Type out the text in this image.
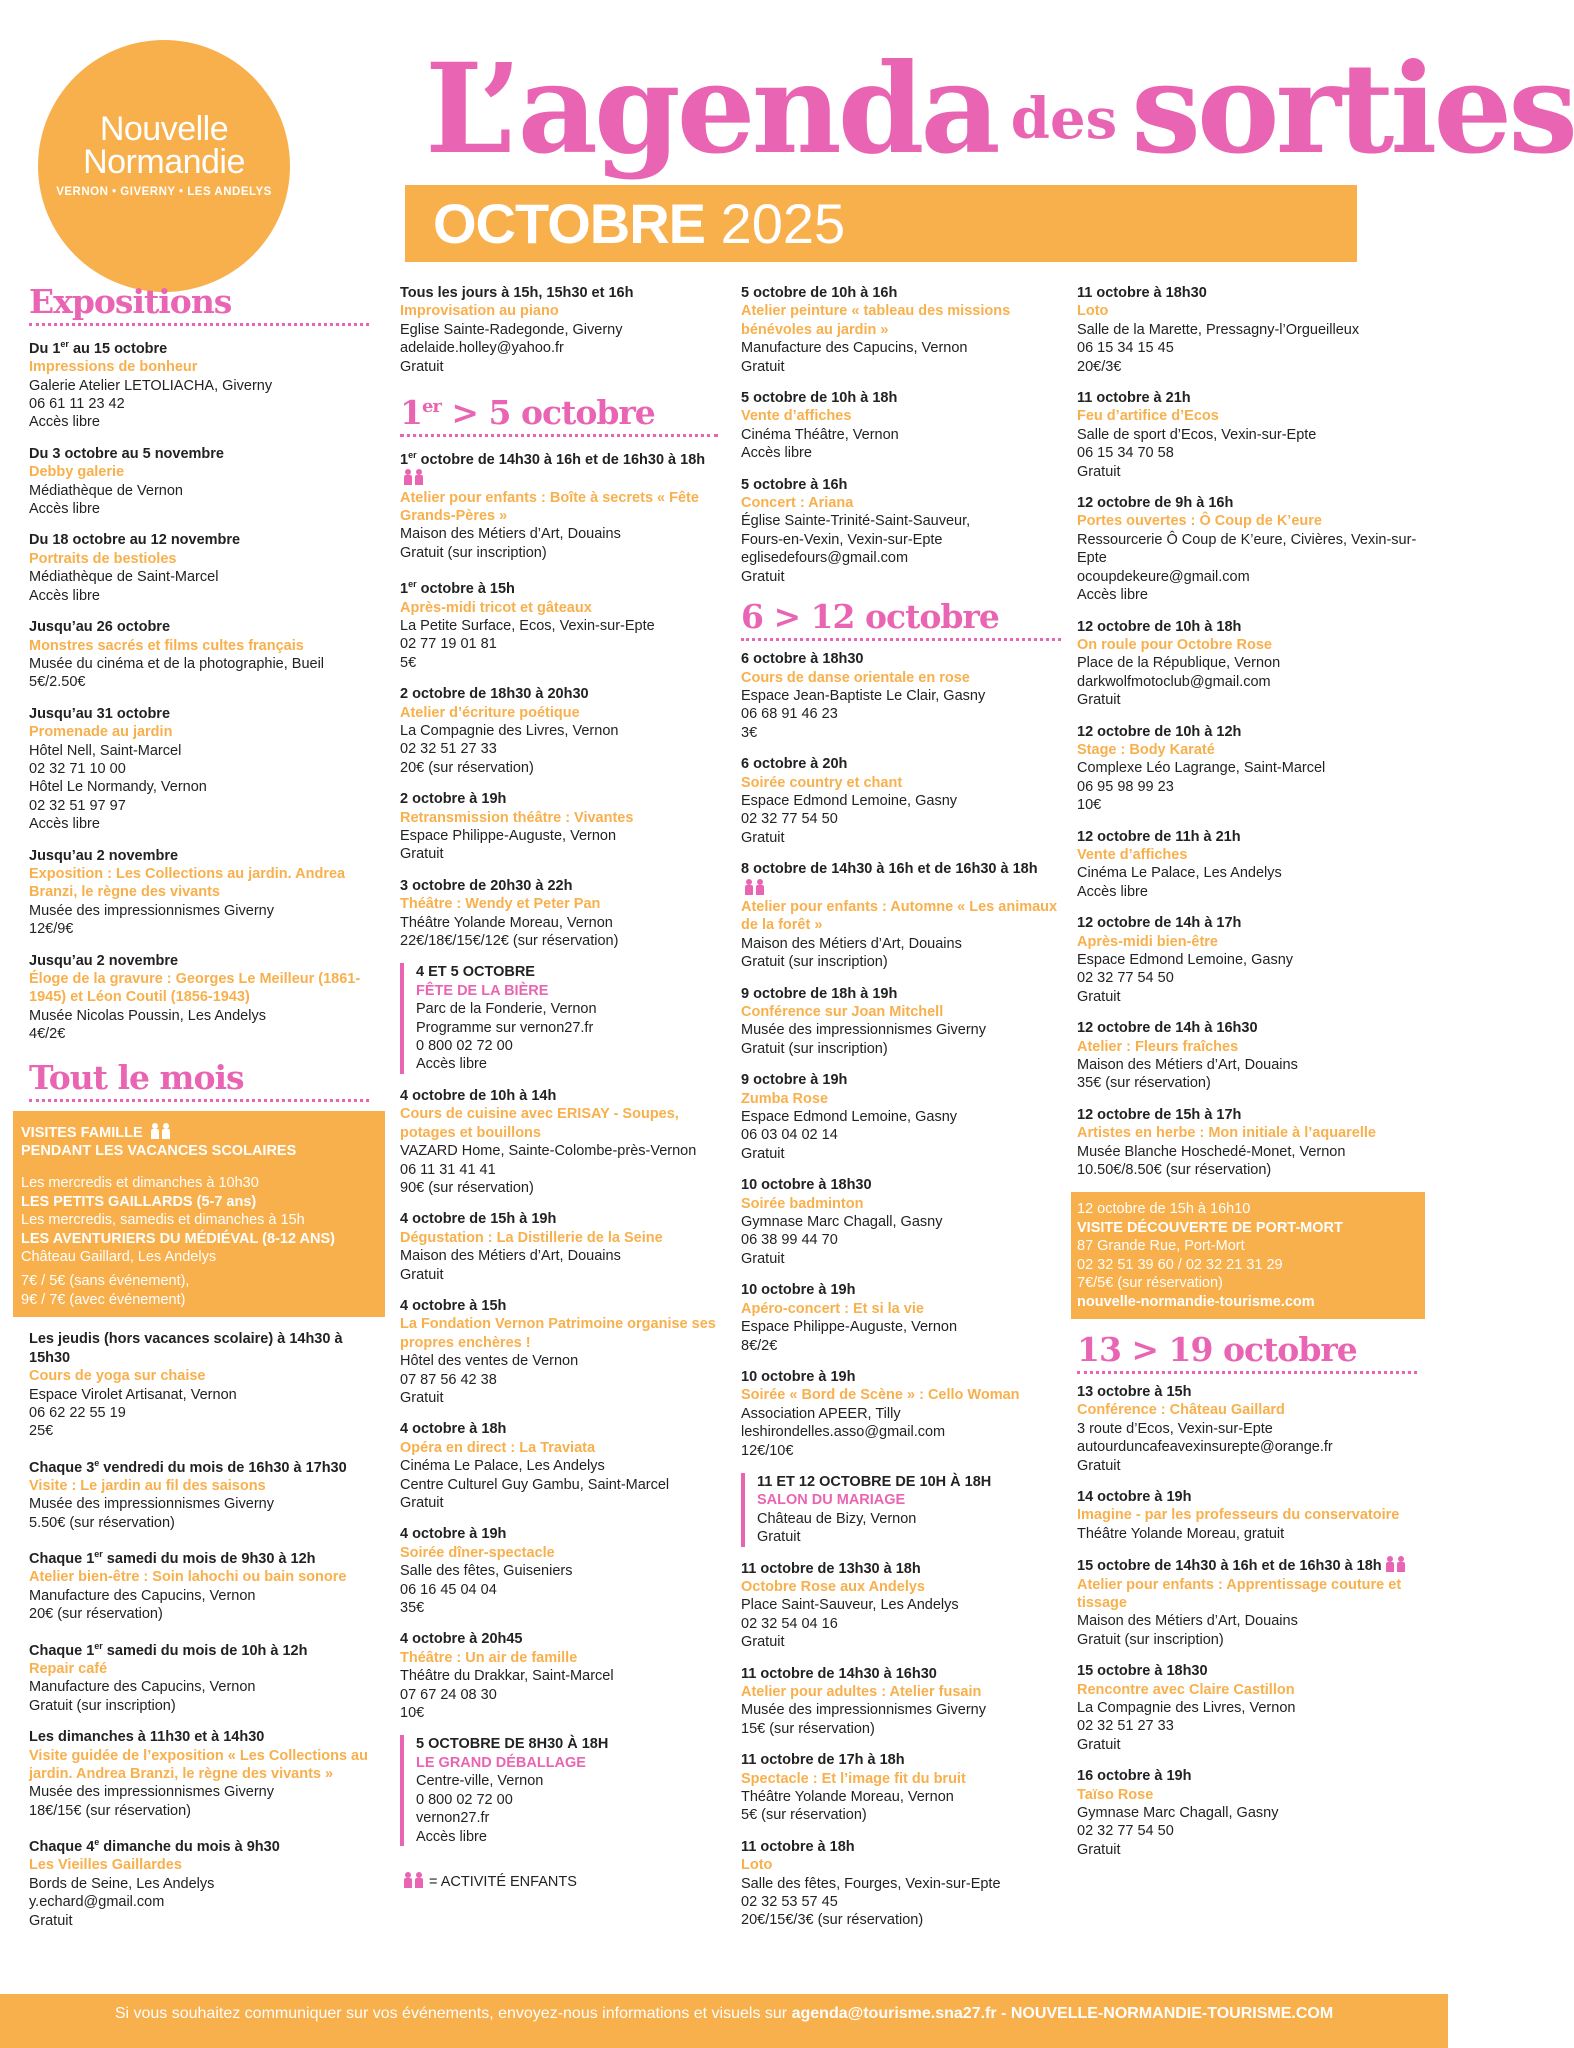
Nouvelle
Normandie
VERNON • GIVERNY • LES ANDELYS
L’agenda des sorties
OCTOBRE 2025
Expositions
Du 1er au 15 octobre
Impressions de bonheur
Galerie Atelier LETOLIACHA, Giverny
06 61 11 23 42
Accès libre
Du 3 octobre au 5 novembre
Debby galerie
Médiathèque de Vernon
Accès libre
Du 18 octobre au 12 novembre
Portraits de bestioles
Médiathèque de Saint-Marcel
Accès libre
Jusqu’au 26 octobre
Monstres sacrés et films cultes français
Musée du cinéma et de la photographie, Bueil
5€/2.50€
Jusqu’au 31 octobre
Promenade au jardin
Hôtel Nell, Saint-Marcel
02 32 71 10 00
Hôtel Le Normandy, Vernon
02 32 51 97 97
Accès libre
Jusqu’au 2 novembre
Exposition : Les Collections au jardin. Andrea Branzi, le règne des vivants
Musée des impressionnismes Giverny
12€/9€
Jusqu’au 2 novembre
Éloge de la gravure : Georges Le Meilleur (1861-1945) et Léon Coutil (1856-1943)
Musée Nicolas Poussin, Les Andelys
4€/2€
Tout le mois
VISITES FAMILLE
PENDANT LES VACANCES SCOLAIRES
Les mercredis et dimanches à 10h30
LES PETITS GAILLARDS (5-7 ans)
Les mercredis, samedis et dimanches à 15h
LES AVENTURIERS DU MÉDIÉVAL (8-12 ANS)
Château Gaillard, Les Andelys
7€ / 5€ (sans événement),
9€ / 7€ (avec événement)
Les jeudis (hors vacances scolaire) à 14h30 à 15h30
Cours de yoga sur chaise
Espace Virolet Artisanat, Vernon
06 62 22 55 19
25€
Chaque 3e vendredi du mois de 16h30 à 17h30
Visite : Le jardin au fil des saisons
Musée des impressionnismes Giverny
5.50€ (sur réservation)
Chaque 1er samedi du mois de 9h30 à 12h
Atelier bien-être : Soin lahochi ou bain sonore
Manufacture des Capucins, Vernon
20€ (sur réservation)
Chaque 1er samedi du mois de 10h à 12h
Repair café
Manufacture des Capucins, Vernon
Gratuit (sur inscription)
Les dimanches à 11h30 et à 14h30
Visite guidée de l’exposition « Les Collections au jardin. Andrea Branzi, le règne des vivants »
Musée des impressionnismes Giverny
18€/15€ (sur réservation)
Chaque 4e dimanche du mois à 9h30
Les Vieilles Gaillardes
Bords de Seine, Les Andelys
y.echard@gmail.com
Gratuit
Tous les jours à 15h, 15h30 et 16h
Improvisation au piano
Eglise Sainte-Radegonde, Giverny
adelaide.holley@yahoo.fr
Gratuit
1er > 5 octobre
1er octobre de 14h30 à 16h et de 16h30 à 18h
Atelier pour enfants : Boîte à secrets « Fête Grands-Pères »
Maison des Métiers d’Art, Douains
Gratuit (sur inscription)
1er octobre à 15h
Après-midi tricot et gâteaux
La Petite Surface, Ecos, Vexin-sur-Epte
02 77 19 01 81
5€
2 octobre de 18h30 à 20h30
Atelier d’écriture poétique
La Compagnie des Livres, Vernon
02 32 51 27 33
20€ (sur réservation)
2 octobre à 19h
Retransmission théâtre : Vivantes
Espace Philippe-Auguste, Vernon
Gratuit
3 octobre de 20h30 à 22h
Théâtre : Wendy et Peter Pan
Théâtre Yolande Moreau, Vernon
22€/18€/15€/12€ (sur réservation)
4 ET 5 OCTOBRE
FÊTE DE LA BIÈRE
Parc de la Fonderie, Vernon
Programme sur vernon27.fr
0 800 02 72 00
Accès libre
4 octobre de 10h à 14h
Cours de cuisine avec ERISAY - Soupes, potages et bouillons
VAZARD Home, Sainte-Colombe-près-Vernon
06 11 31 41 41
90€ (sur réservation)
4 octobre de 15h à 19h
Dégustation : La Distillerie de la Seine
Maison des Métiers d’Art, Douains
Gratuit
4 octobre à 15h
La Fondation Vernon Patrimoine organise ses propres enchères !
Hôtel des ventes de Vernon
07 87 56 42 38
Gratuit
4 octobre à 18h
Opéra en direct : La Traviata
Cinéma Le Palace, Les Andelys
Centre Culturel Guy Gambu, Saint-Marcel
Gratuit
4 octobre à 19h
Soirée dîner-spectacle
Salle des fêtes, Guiseniers
06 16 45 04 04
35€
4 octobre à 20h45
Théâtre : Un air de famille
Théâtre du Drakkar, Saint-Marcel
07 67 24 08 30
10€
5 OCTOBRE DE 8H30 À 18H
LE GRAND DÉBALLAGE
Centre-ville, Vernon
0 800 02 72 00
vernon27.fr
Accès libre
= ACTIVITÉ ENFANTS
5 octobre de 10h à 16h
Atelier peinture « tableau des missions bénévoles au jardin »
Manufacture des Capucins, Vernon
Gratuit
5 octobre de 10h à 18h
Vente d’affiches
Cinéma Théâtre, Vernon
Accès libre
5 octobre à 16h
Concert : Ariana
Église Sainte-Trinité-Saint-Sauveur,
Fours-en-Vexin, Vexin-sur-Epte
eglisedefours@gmail.com
Gratuit
6 > 12 octobre
6 octobre à 18h30
Cours de danse orientale en rose
Espace Jean-Baptiste Le Clair, Gasny
06 68 91 46 23
3€
6 octobre à 20h
Soirée country et chant
Espace Edmond Lemoine, Gasny
02 32 77 54 50
Gratuit
8 octobre de 14h30 à 16h et de 16h30 à 18h
Atelier pour enfants : Automne « Les animaux de la forêt »
Maison des Métiers d’Art, Douains
Gratuit (sur inscription)
9 octobre de 18h à 19h
Conférence sur Joan Mitchell
Musée des impressionnismes Giverny
Gratuit (sur inscription)
9 octobre à 19h
Zumba Rose
Espace Edmond Lemoine, Gasny
06 03 04 02 14
Gratuit
10 octobre à 18h30
Soirée badminton
Gymnase Marc Chagall, Gasny
06 38 99 44 70
Gratuit
10 octobre à 19h
Apéro-concert : Et si la vie
Espace Philippe-Auguste, Vernon
8€/2€
10 octobre à 19h
Soirée « Bord de Scène » : Cello Woman
Association APEER, Tilly
leshirondelles.asso@gmail.com
12€/10€
11 ET 12 OCTOBRE DE 10H À 18H
SALON DU MARIAGE
Château de Bizy, Vernon
Gratuit
11 octobre de 13h30 à 18h
Octobre Rose aux Andelys
Place Saint-Sauveur, Les Andelys
02 32 54 04 16
Gratuit
11 octobre de 14h30 à 16h30
Atelier pour adultes : Atelier fusain
Musée des impressionnismes Giverny
15€ (sur réservation)
11 octobre de 17h à 18h
Spectacle : Et l’image fit du bruit
Théâtre Yolande Moreau, Vernon
5€ (sur réservation)
11 octobre à 18h
Loto
Salle des fêtes, Fourges, Vexin-sur-Epte
02 32 53 57 45
20€/15€/3€ (sur réservation)
11 octobre à 18h30
Loto
Salle de la Marette, Pressagny-l’Orgueilleux
06 15 34 15 45
20€/3€
11 octobre à 21h
Feu d’artifice d’Ecos
Salle de sport d’Ecos, Vexin-sur-Epte
06 15 34 70 58
Gratuit
12 octobre de 9h à 16h
Portes ouvertes : Ô Coup de K’eure
Ressourcerie Ô Coup de K’eure, Civières, Vexin-sur-Epte
ocoupdekeure@gmail.com
Accès libre
12 octobre de 10h à 18h
On roule pour Octobre Rose
Place de la République, Vernon
darkwolfmotoclub@gmail.com
Gratuit
12 octobre de 10h à 12h
Stage : Body Karaté
Complexe Léo Lagrange, Saint-Marcel
06 95 98 99 23
10€
12 octobre de 11h à 21h
Vente d’affiches
Cinéma Le Palace, Les Andelys
Accès libre
12 octobre de 14h à 17h
Après-midi bien-être
Espace Edmond Lemoine, Gasny
02 32 77 54 50
Gratuit
12 octobre de 14h à 16h30
Atelier : Fleurs fraîches
Maison des Métiers d’Art, Douains
35€ (sur réservation)
12 octobre de 15h à 17h
Artistes en herbe : Mon initiale à l’aquarelle
Musée Blanche Hoschedé-Monet, Vernon
10.50€/8.50€ (sur réservation)
12 octobre de 15h à 16h10
VISITE DÉCOUVERTE DE PORT-MORT
87 Grande Rue, Port-Mort
02 32 51 39 60 / 02 32 21 31 29
7€/5€ (sur réservation)
nouvelle-normandie-tourisme.com
13 > 19 octobre
13 octobre à 15h
Conférence : Château Gaillard
3 route d’Ecos, Vexin-sur-Epte
autourduncafeavexinsurepte@orange.fr
Gratuit
14 octobre à 19h
Imagine - par les professeurs du conservatoire
Théâtre Yolande Moreau, gratuit
15 octobre de 14h30 à 16h et de 16h30 à 18h
Atelier pour enfants : Apprentissage couture et tissage
Maison des Métiers d’Art, Douains
Gratuit (sur inscription)
15 octobre à 18h30
Rencontre avec Claire Castillon
La Compagnie des Livres, Vernon
02 32 51 27 33
Gratuit
16 octobre à 19h
Taïso Rose
Gymnase Marc Chagall, Gasny
02 32 77 54 50
Gratuit
Si vous souhaitez communiquer sur vos événements, envoyez-nous informations et visuels sur agenda@tourisme.sna27.fr - NOUVELLE-NORMANDIE-TOURISME.COM
